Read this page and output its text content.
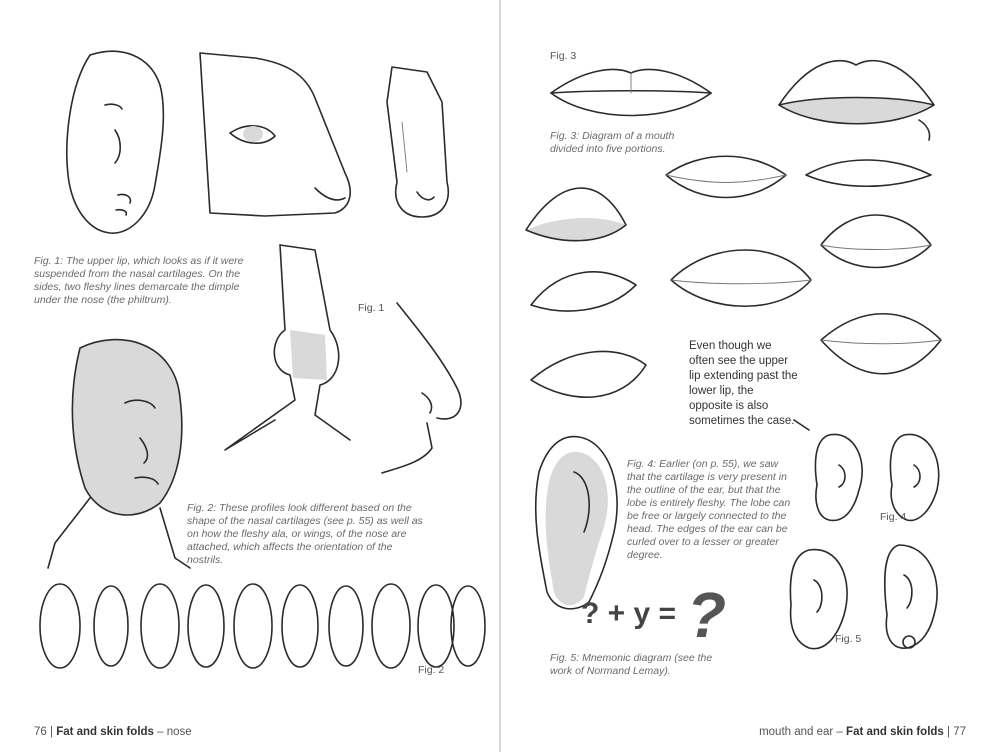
Fig. 1: The upper lip, which looks as if it were suspended from the nasal cartilages. On the sides, two fleshy lines demarcate the dimple under the nose (the philtrum).

Fig. 1

Fig. 2: These profiles look different based on the shape of the nasal cartilages (see p. 55) as well as on how the fleshy ala, or wings, of the nose are attached, which affects the orientation of the nostrils.

Fig. 2
76 | Fat and skin folds – nose
Fig. 3

Fig. 3: Diagram of a mouth divided into five portions.

Even though we often see the upper lip extending past the lower lip, the opposite is also sometimes the case.

Fig. 4: Earlier (on p. 55), we saw that the cartilage is very present in the outline of the ear, but that the lobe is entirely fleshy. The lobe can be free or largely connected to the head. The edges of the ear can be curled over to a lesser or greater degree.

Fig. 4
? + y = ?	Fig. 5

Fig. 5: Mnemonic diagram (see the work of Normand Lemay).

mouth and ear – Fat and skin folds | 77
